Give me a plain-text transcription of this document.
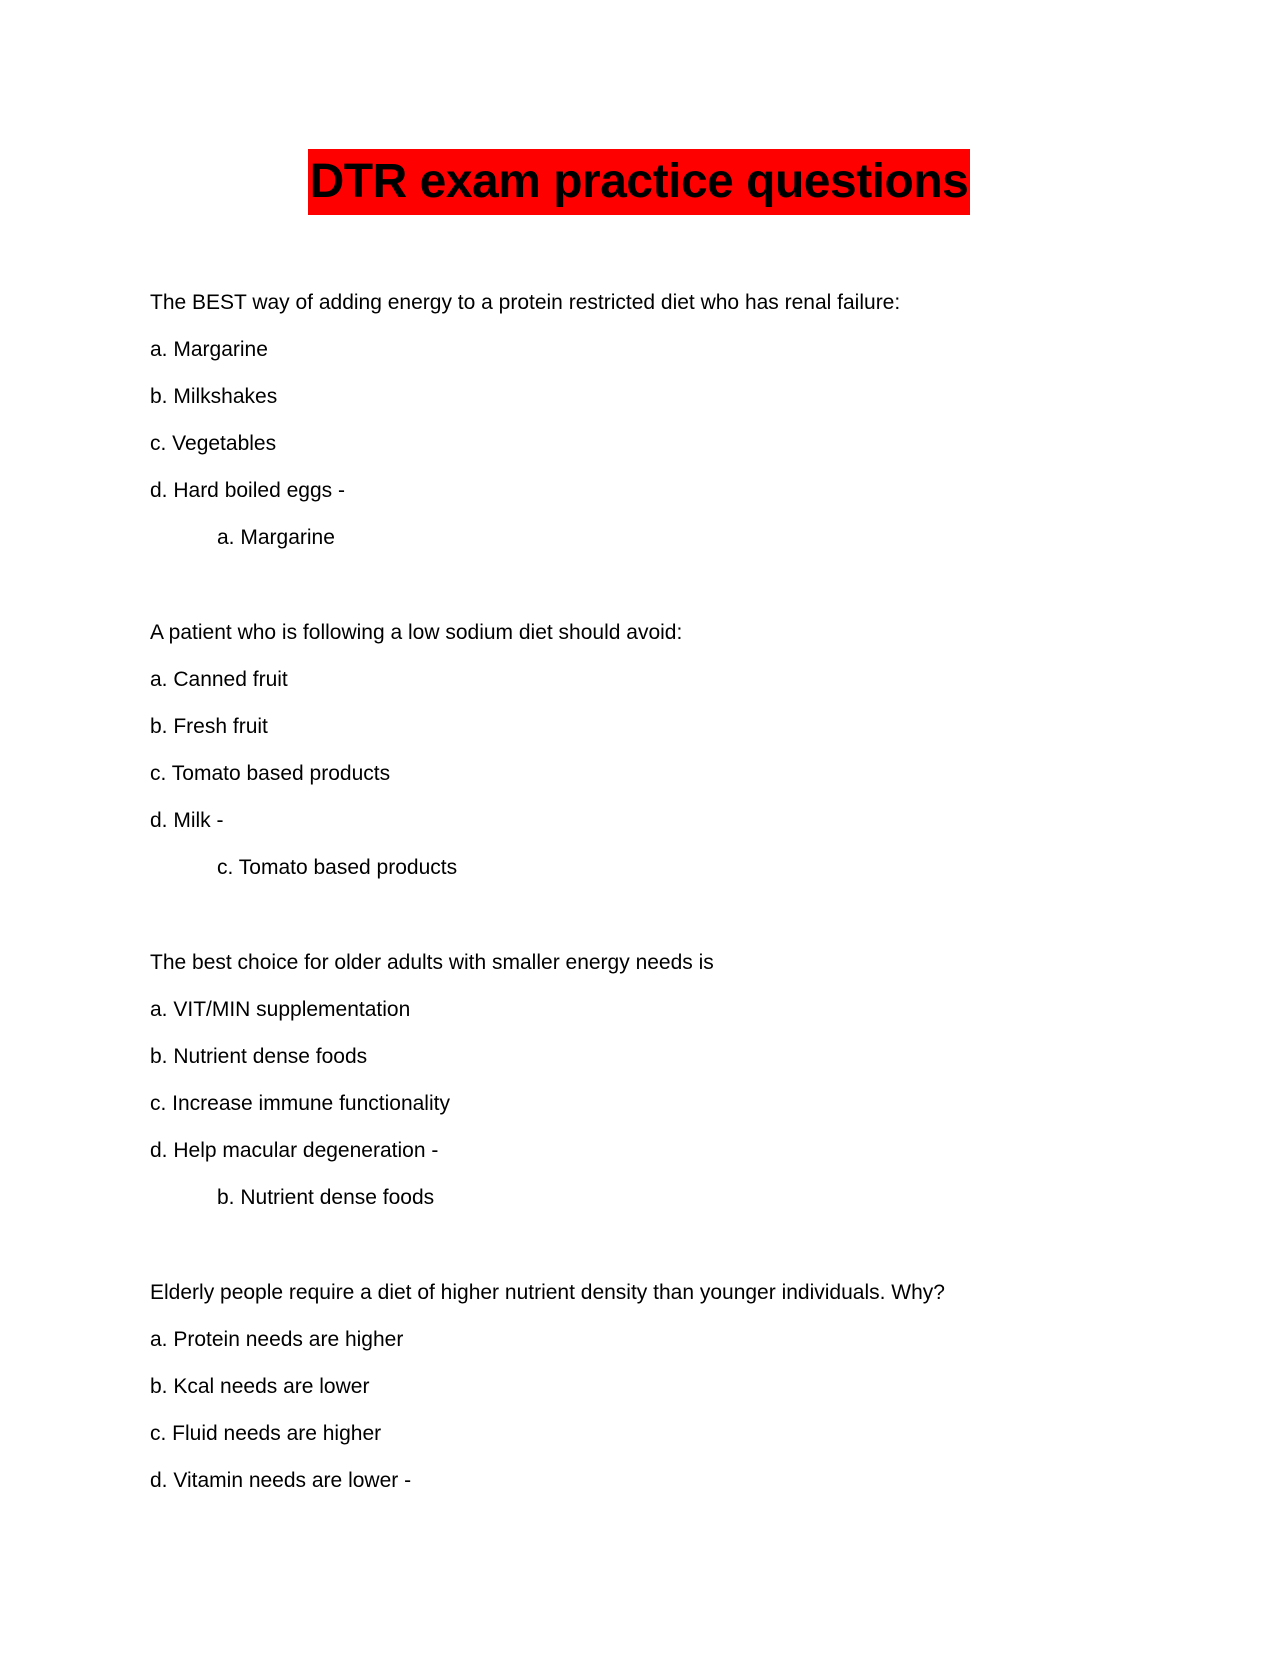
DTR exam practice questions

The BEST way of adding energy to a protein restricted diet who has renal failure:

a. Margarine

b. Milkshakes

c. Vegetables

d. Hard boiled eggs -

a. Margarine

A patient who is following a low sodium diet should avoid:

a. Canned fruit

b. Fresh fruit

c. Tomato based products

d. Milk -

c. Tomato based products

The best choice for older adults with smaller energy needs is

a. VIT/MIN supplementation

b. Nutrient dense foods

c. Increase immune functionality

d. Help macular degeneration -

b. Nutrient dense foods

Elderly people require a diet of higher nutrient density than younger individuals. Why?

a. Protein needs are higher

b. Kcal needs are lower

c. Fluid needs are higher

d. Vitamin needs are lower -
